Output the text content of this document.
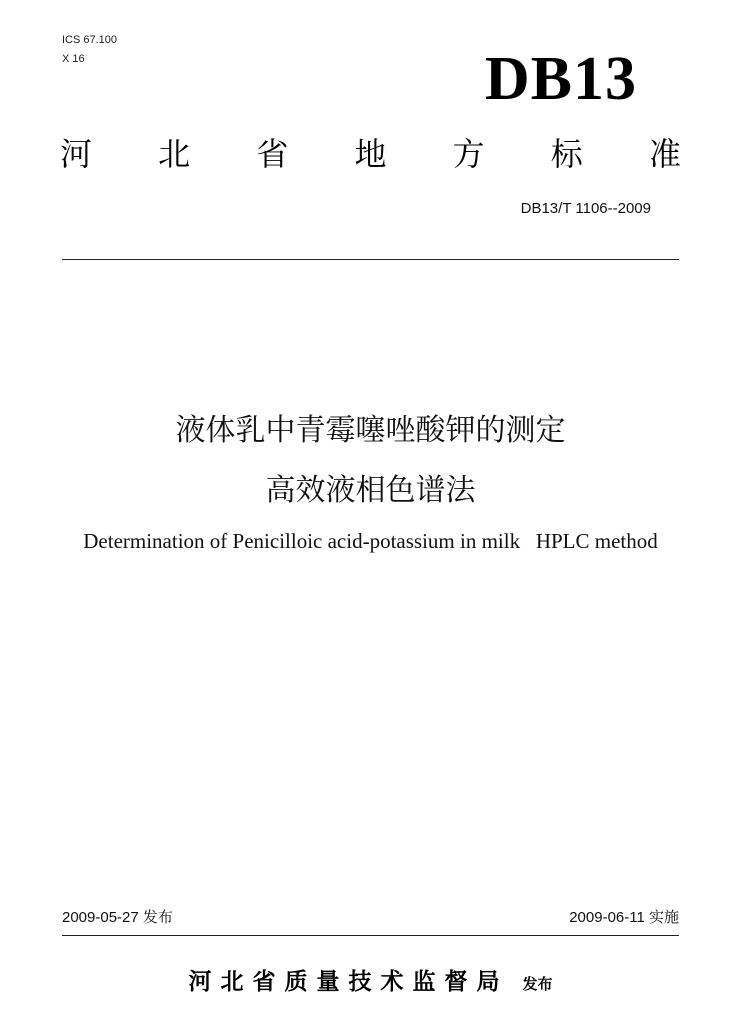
ICS 67.100
X 16	DB13
河 北 省 地 方 标 准
DB13/T 1106--2009
液体乳中青霉噻唑酸钾的测定
高效液相色谱法
Determination of Penicilloic acid-potassium in milk   HPLC method
2009-05-27 发布	2009-06-11 实施
河北省质量技术监督局 发布
